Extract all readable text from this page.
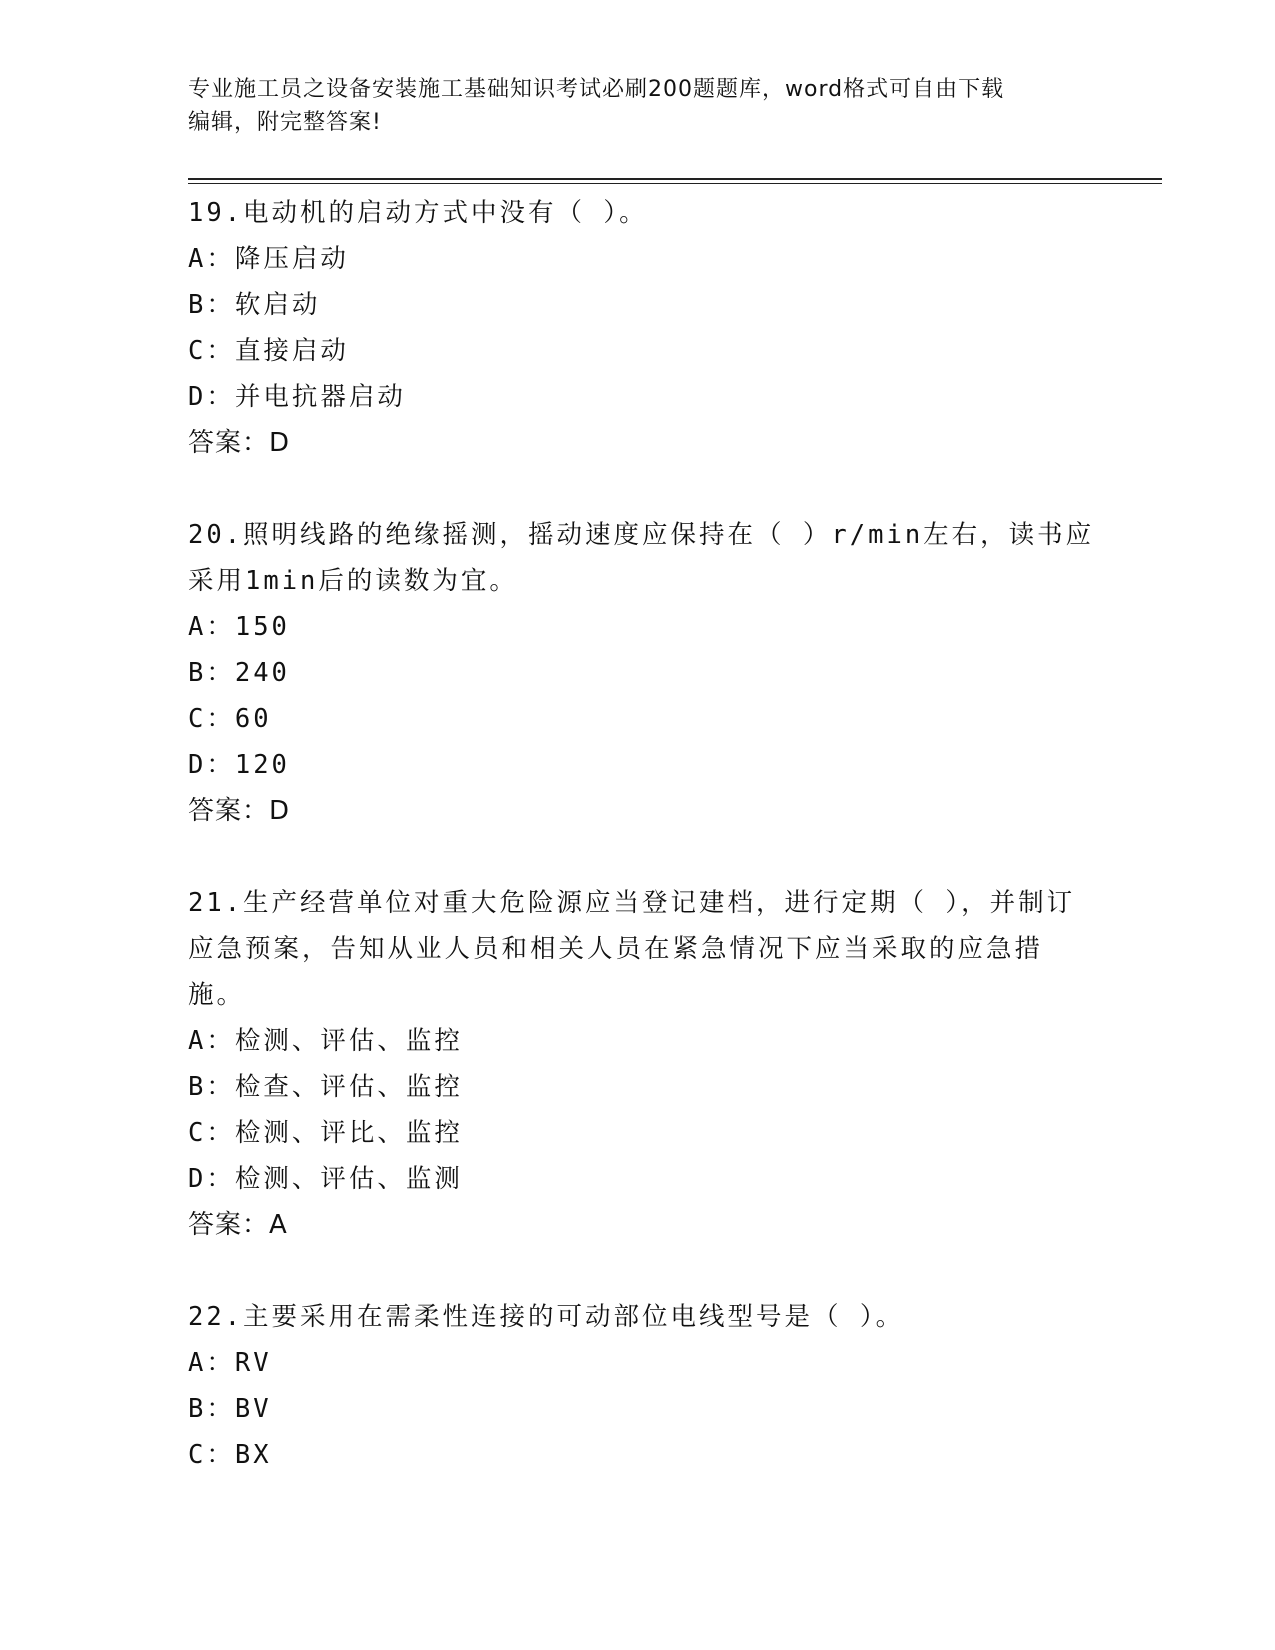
专业施工员之设备安装施工基础知识考试必刷200题题库，word格式可自由下载
编辑，附完整答案!

19.电动机的启动方式中没有（ ）。

A：降压启动

B：软启动

C：直接启动

D：并电抗器启动

答案：D

20.照明线路的绝缘摇测，摇动速度应保持在（ ）r/min左右，读书应采用1min后的读数为宜。

A：150

B：240

C：60

D：120

答案：D

21.生产经营单位对重大危险源应当登记建档，进行定期（ ），并制订应急预案，告知从业人员和相关人员在紧急情况下应当采取的应急措施。

A：检测、评估、监控

B：检查、评估、监控

C：检测、评比、监控

D：检测、评估、监测

答案：A

22.主要采用在需柔性连接的可动部位电线型号是（ ）。

A：RV

B：BV

C：BX
